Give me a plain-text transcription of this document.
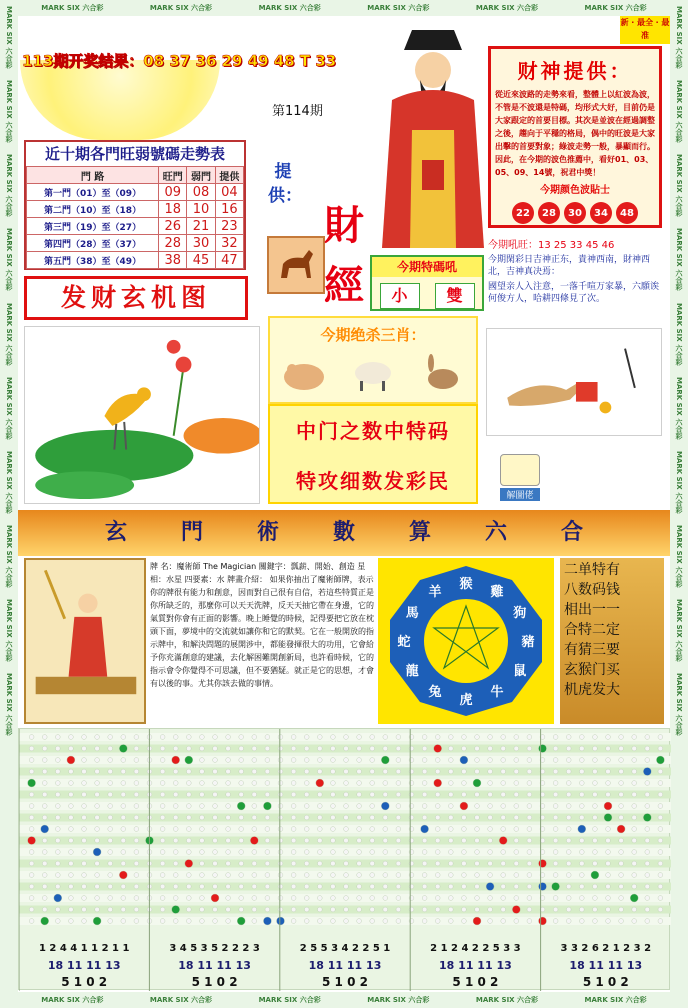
MARK SIX 六合彩
MARK SIX 六合彩
MARK SIX 六合彩
MARK SIX 六合彩
MARK SIX 六合彩
MARK SIX 六合彩
MARK SIX 六合彩
MARK SIX 六合彩
MARK SIX 六合彩
MARK SIX 六合彩
MARK SIX 六合彩
MARK SIX 六合彩
MARK SIX 六合彩
MARK SIX 六合彩
MARK SIX 六合彩
MARK SIX 六合彩
MARK SIX 六合彩
MARK SIX 六合彩
MARK SIX 六合彩
MARK SIX 六合彩
MARK SIX 六合彩	MARK SIX 六合彩	MARK SIX 六合彩	MARK SIX 六合彩	MARK SIX 六合彩	MARK SIX 六合彩
MARK SIX 六合彩	MARK SIX 六合彩	MARK SIX 六合彩	MARK SIX 六合彩	MARK SIX 六合彩	MARK SIX 六合彩
新 ‧ 最全 ‧ 最准
113期开奖结果：08 37 36 29 49 48 T 33
第114期
近十期各門旺弱號碼走勢表
門 路	旺門	弱門	提供
第一門（01）至（09）	09	08	04
第二門（10）至（18）	18	10	16
第三門（19）至（27）	26	21	23
第四門（28）至（37）	28	30	32
第五門（38）至（49）	38	45	47
提供：
財經
财神提供：
從近來波路的走勢來看，整體上以紅波為波，不管是不波還是特碼，均形式大好，目前仍是大家跟定的首要目標。其次是並波在經過調整之後，趨向于平穩的格局，偶中的旺波是大家出擊的首要對象；綠波走勢一般，暴顯而行。因此，在今期的波色推薦中，看好01、03、05、09、14號，祝君中獎！
今期颜色波貼士
22	28	30	34	48
今期特碼吼
小	雙
今期吼旺：13 25 33 45 46
今期閑彩日吉神正东，貴神西南，財神西北，吉神真决焉：
國望亲人入注意，一落千喧万家暴，六願诶何俊方人，哈耕四條見了次。
发财玄机图
今期绝杀三肖：
中门之数中特码
特攻细数发彩民
解圖佬
玄 門 術 數 算 六 合
牌 名：魔術師 The Magician 關鍵字：瓢薪、開始、創造 星 相：水星 四要素：水 牌畫介紹： 如果你抽出了魔術師牌，表示你的牌很有能力和創意，因而對自己很有自信，若這些特質正是你所缺乏的，那麼你可以天天洗牌，反天天抽它帶在身邊，它的氣質對你會有正面的影響。晚上睡覺的時候，記得要把它放在枕頭下面，夢境中的交流就如讓你和它的默契。它在一般開放的指示牌中，和解決問題的展開涉中，都能發揮很大的功用，它會給予你充滿創意的建議，去化解困難開創新局，也許看時候，它的指示會令你覺得不可思議，但不要猶疑。就正是它的思想，才會有以後的事。尤其你該去做的事情。
猴
雞
狗
豬
鼠
牛
虎
兔
龍
蛇
馬
羊
二单特有
八数码钱
相出一一
合特二定
有猜三要
玄猴门买
机虎发大
1 2 4 4 1 1 2 1 1
18 11 11 13
5 1 0 2
3 4 5 3 5 2 2 2 3
18 11 11 13
5 1 0 2
2 5 5 3 4 2 2 5 1
18 11 11 13
5 1 0 2
2 1 2 4 2 2 5 3 3
18 11 11 13
5 1 0 2
3 3 2 6 2 1 2 3 2
18 11 11 13
5 1 0 2
